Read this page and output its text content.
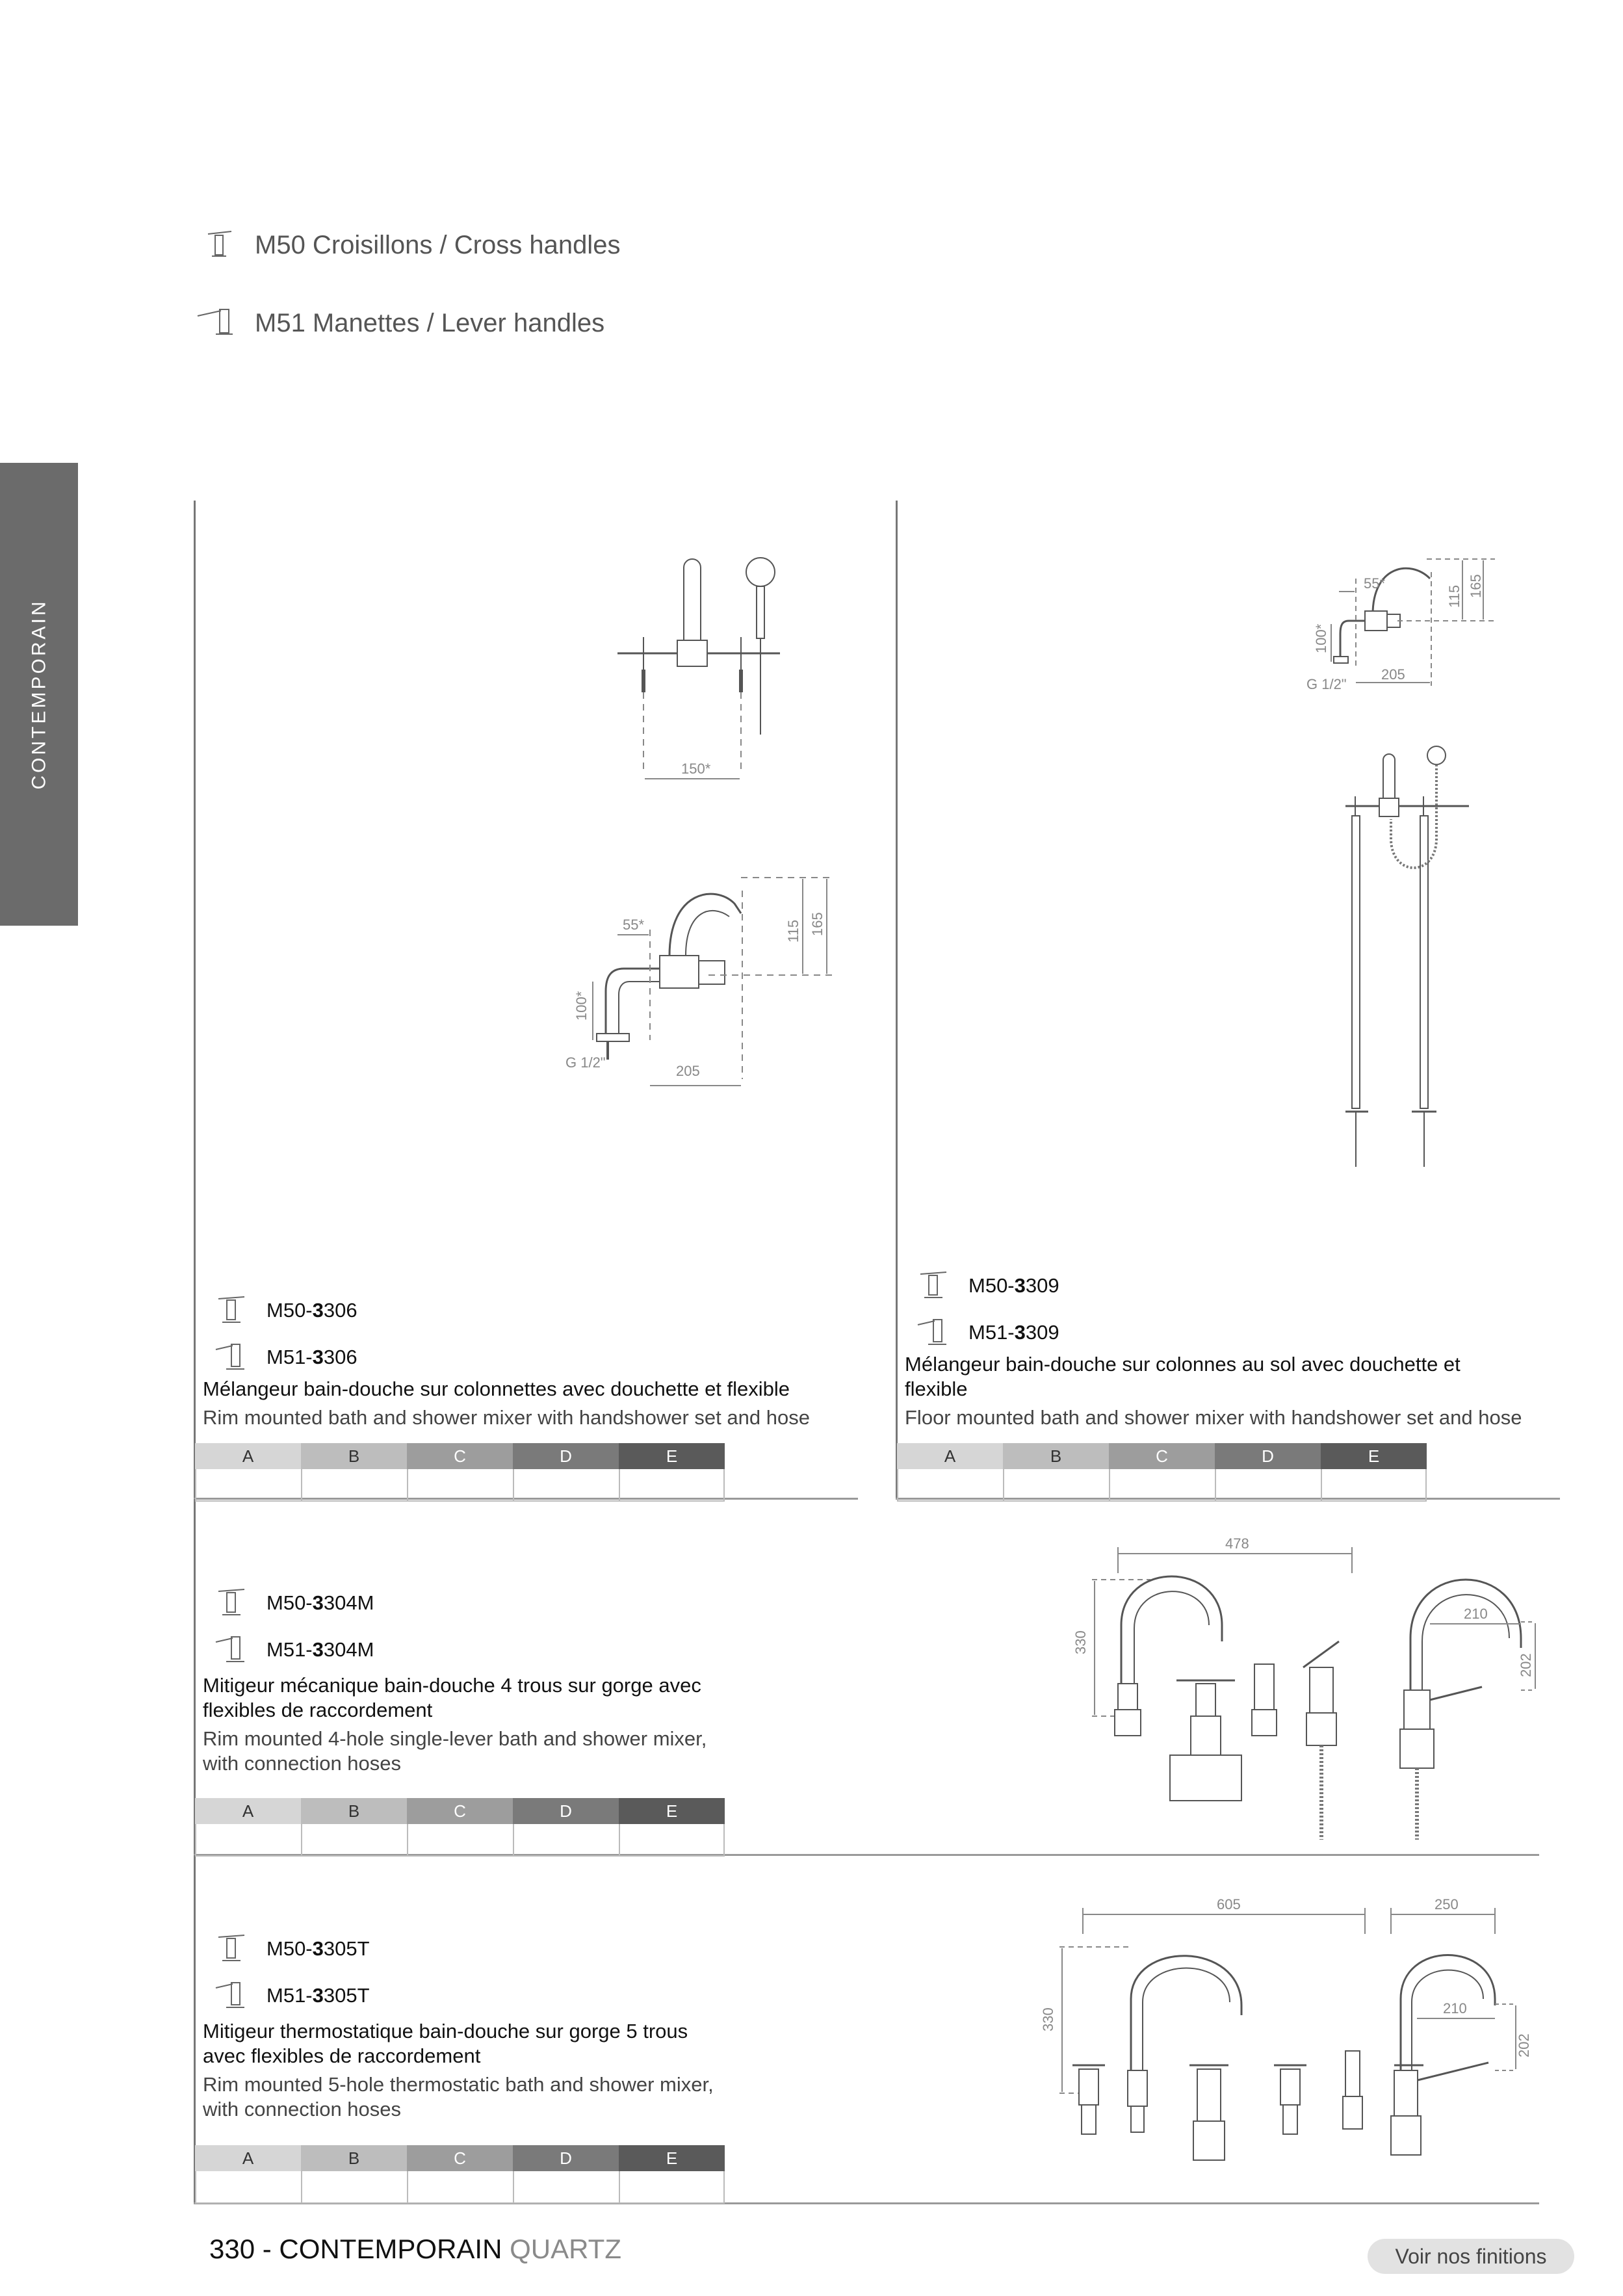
M50 Croisillons / Cross handles
M51 Manettes / Lever handles
CONTEMPORAIN	150*
55*	115 165
100*
G 1/2"
205
M50- 3 306
M51- 3 306
Mélangeur bain-douche sur colonnettes avec douchette et flexible
Rim mounted bath and shower mixer with handshower set and hose
A	B	C	D	E
55*
115 165
100*
G 1/2"
205
M50- 3 309
M51- 3 309
Mélangeur bain-douche sur colonnes au sol avec douchette et flexible
Floor mounted bath and shower mixer with handshower set and hose
A	B	C	D	E
478
330
210
202
M50- 3 304M
M51- 3 304M
Mitigeur mécanique bain-douche 4 trous sur gorge avec flexibles de raccordement
Rim mounted 4-hole single-lever bath and shower mixer, with connection hoses
A	B	C	D	E
605	250
330	210
202
M50- 3 305T
M51- 3 305T
Mitigeur thermostatique bain-douche sur gorge 5 trous avec flexibles de raccordement
Rim mounted 5-hole thermostatic bath and shower mixer, with connection hoses
A	B	C	D	E
330 - CONTEMPORAIN QUARTZ	Voir nos finitions
